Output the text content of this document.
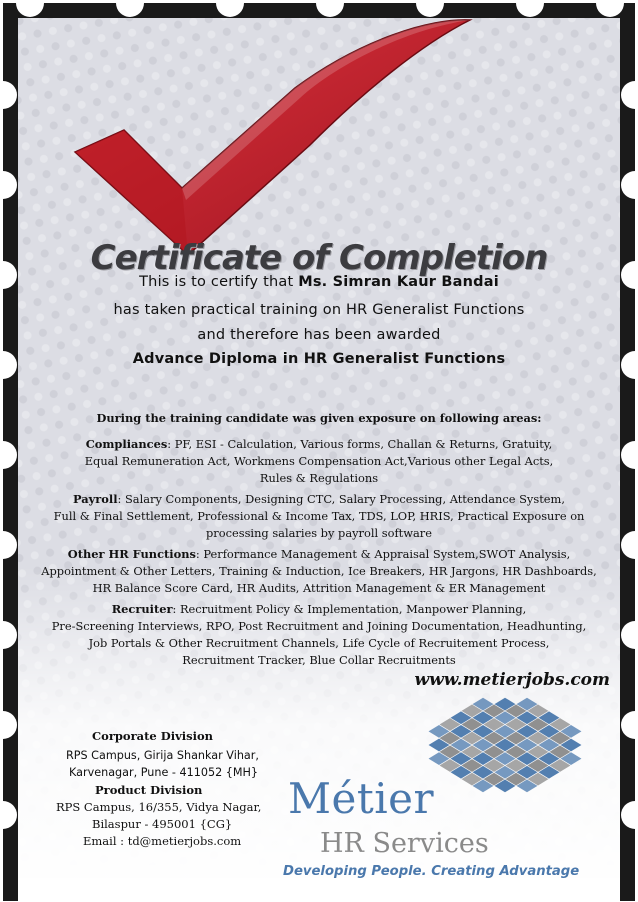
Certificate of Completion
This is to certify that Ms. Simran Kaur Bandai
has taken practical training on HR Generalist Functions
and therefore has been awarded
Advance Diploma in HR Generalist Functions
During the training candidate was given exposure on following areas:
Compliances: PF, ESI - Calculation, Various forms, Challan & Returns, Gratuity,
Equal Remuneration Act, Workmens Compensation Act,Various other Legal Acts,
Rules & Regulations
Payroll: Salary Components, Designing CTC, Salary Processing, Attendance System,
Full & Final Settlement, Professional & Income Tax, TDS, LOP, HRIS, Practical Exposure on
processing salaries by payroll software
Other HR Functions: Performance Management & Appraisal System,SWOT Analysis,
Appointment & Other Letters, Training & Induction, Ice Breakers, HR Jargons, HR Dashboards,
HR Balance Score Card, HR Audits, Attrition Management & ER Management
Recruiter: Recruitment Policy & Implementation, Manpower Planning,
Pre-Screening Interviews, RPO, Post Recruitment and Joining Documentation, Headhunting,
Job Portals & Other Recruitment Channels, Life Cycle of Recruitement Process,
Recruitment Tracker, Blue Collar Recruitments
www.metierjobs.com
Corporate Division
RPS Campus, Girija Shankar Vihar,
Karvenagar, Pune - 411052 {MH}
Product Division
RPS Campus, 16/355, Vidya Nagar,
Bilaspur - 495001 {CG}
Email : td@metierjobs.com
Métier
HR Services
Developing People. Creating Advantage
